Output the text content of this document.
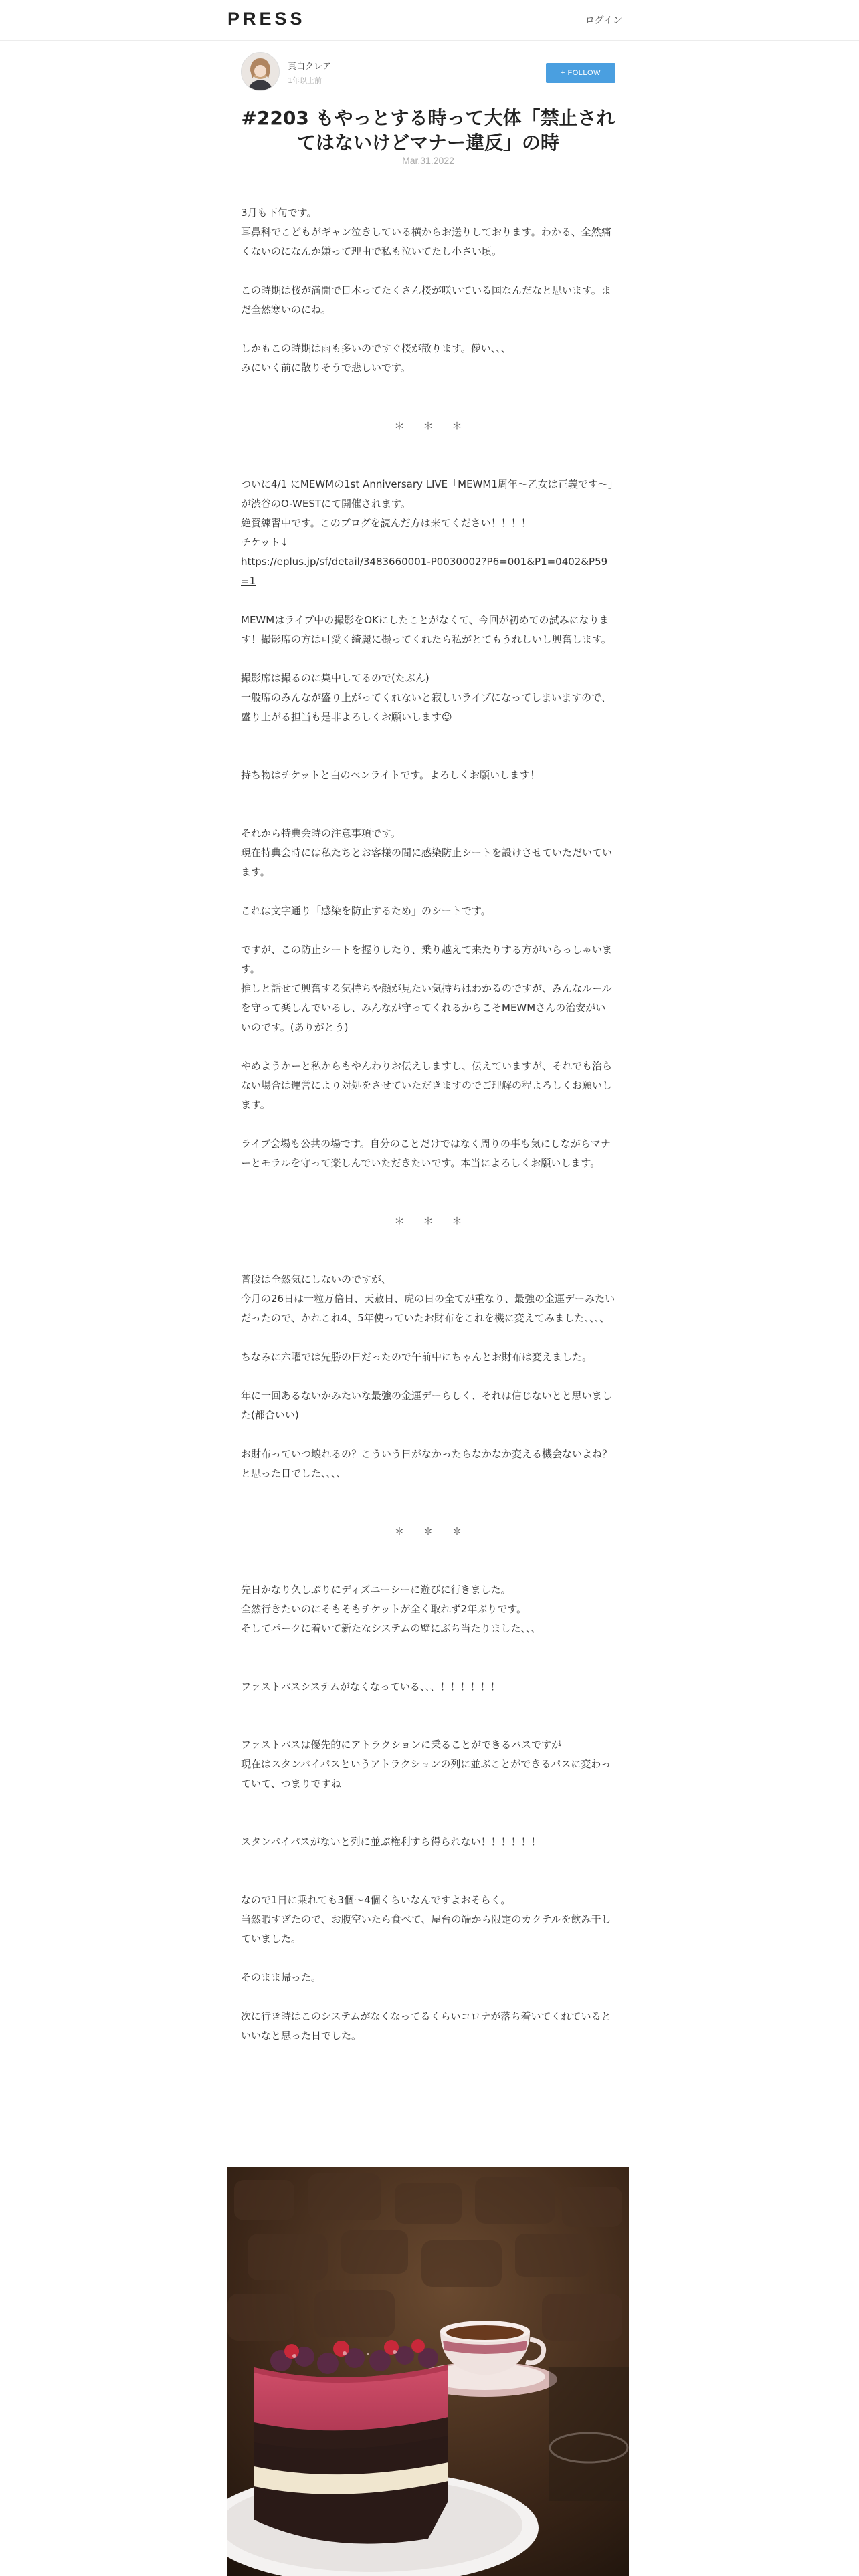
PRESS	ログイン
真白クレア
1年以上前
+ FOLLOW
#2203 もやっとする時って大体「禁止されてはないけどマナー違反」の時
Mar.31.2022

3月も下旬です。
耳鼻科でこどもがギャン泣きしている横からお送りしております。わかる、全然痛くないのになんか嫌って理由で私も泣いてたし小さい頃。

この時期は桜が満開で日本ってたくさん桜が咲いている国なんだなと思います。まだ全然寒いのにね。

しかもこの時期は雨も多いのですぐ桜が散ります。儚い、、、
みにいく前に散りそうで悲しいです。

＊＊＊

ついに4/1 にMEWMの1st Anniversary LIVE「MEWM1周年〜乙女は正義です〜」が渋谷のO-WESTにて開催されます。
絶賛練習中です。このブログを読んだ方は来てください！！！！
チケット↓

https://eplus.jp/sf/detail/3483660001-P0030002?P6=001&P1=0402&P59=1

MEWMはライブ中の撮影をOKにしたことがなくて、今回が初めての試みになります！撮影席の方は可愛く綺麗に撮ってくれたら私がとてもうれしいし興奮します。

撮影席は撮るのに集中してるので(たぶん)
一般席のみんなが盛り上がってくれないと寂しいライブになってしまいますので、盛り上がる担当も是非よろしくお願いします☺︎

持ち物はチケットと白のペンライトです。よろしくお願いします！

それから特典会時の注意事項です。
現在特典会時には私たちとお客様の間に感染防止シートを設けさせていただいています。

これは文字通り「感染を防止するため」のシートです。

ですが、この防止シートを握りしたり、乗り越えて来たりする方がいらっしゃいます。
推しと話せて興奮する気持ちや顔が見たい気持ちはわかるのですが、みんなルールを守って楽しんでいるし、みんなが守ってくれるからこそMEWMさんの治安がいいのです。(ありがとう)

やめようかーと私からもやんわりお伝えしますし、伝えていますが、それでも治らない場合は運営により対処をさせていただきますのでご理解の程よろしくお願いします。

ライブ会場も公共の場です。自分のことだけではなく周りの事も気にしながらマナーとモラルを守って楽しんでいただきたいです。本当によろしくお願いします。

＊＊＊

普段は全然気にしないのですが、
今月の26日は一粒万倍日、天赦日、虎の日の全てが重なり、最強の金運デーみたいだったので、かれこれ4、5年使っていたお財布をこれを機に変えてみました、、、、

ちなみに六曜では先勝の日だったので午前中にちゃんとお財布は変えました。

年に一回あるないかみたいな最強の金運デーらしく、それは信じないとと思いました(都合いい)

お財布っていつ壊れるの？こういう日がなかったらなかなか変える機会ないよね？と思った日でした、、、、

＊＊＊

先日かなり久しぶりにディズニーシーに遊びに行きました。
全然行きたいのにそもそもチケットが全く取れず2年ぶりです。
そしてパークに着いて新たなシステムの壁にぶち当たりました、、、

ファストパスシステムがなくなっている、、、！！！！！！

ファストパスは優先的にアトラクションに乗ることができるパスですが
現在はスタンバイパスというアトラクションの列に並ぶことができるパスに変わっていて、つまりですね

スタンバイパスがないと列に並ぶ権利すら得られない！！！！！！

なので1日に乗れても3個〜4個くらいなんですよおそらく。
当然暇すぎたので、お腹空いたら食べて、屋台の端から限定のカクテルを飲み干していました。

そのまま帰った。

次に行き時はこのシステムがなくなってるくらいコロナが落ち着いてくれているといいなと思った日でした。
